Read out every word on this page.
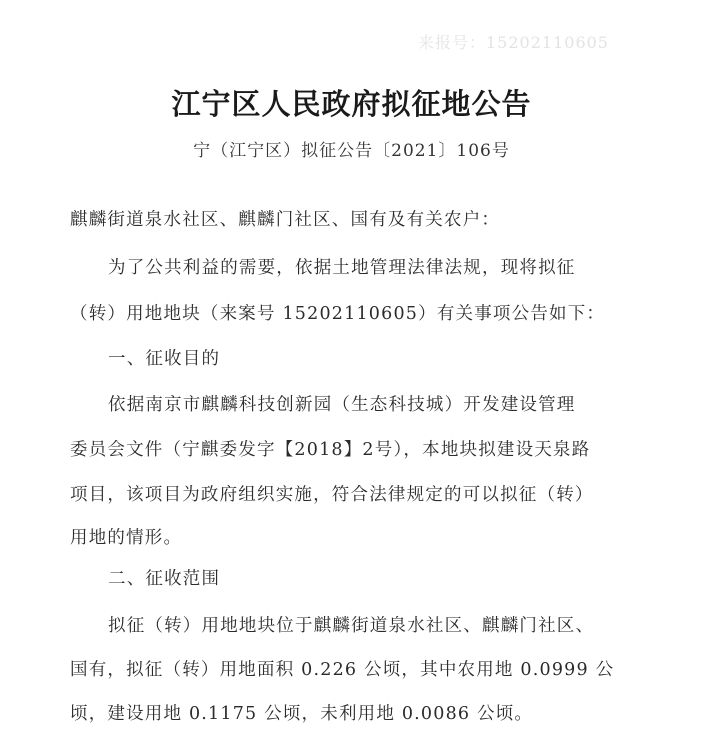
来报号：15202110605
江宁区人民政府拟征地公告
宁（江宁区）拟征公告〔2021〕106号
麒麟街道泉水社区、麒麟门社区、国有及有关农户：
为了公共利益的需要，依据土地管理法律法规，现将拟征
（转）用地地块（来案号 15202110605）有关事项公告如下：
一、征收目的
依据南京市麒麟科技创新园（生态科技城）开发建设管理
委员会文件（宁麒委发字【2018】2号），本地块拟建设天泉路
项目，该项目为政府组织实施，符合法律规定的可以拟征（转）
用地的情形。
二、征收范围
拟征（转）用地地块位于麒麟街道泉水社区、麒麟门社区、
国有，拟征（转）用地面积 0.226 公顷，其中农用地 0.0999 公
顷，建设用地 0.1175 公顷，未利用地 0.0086 公顷。
